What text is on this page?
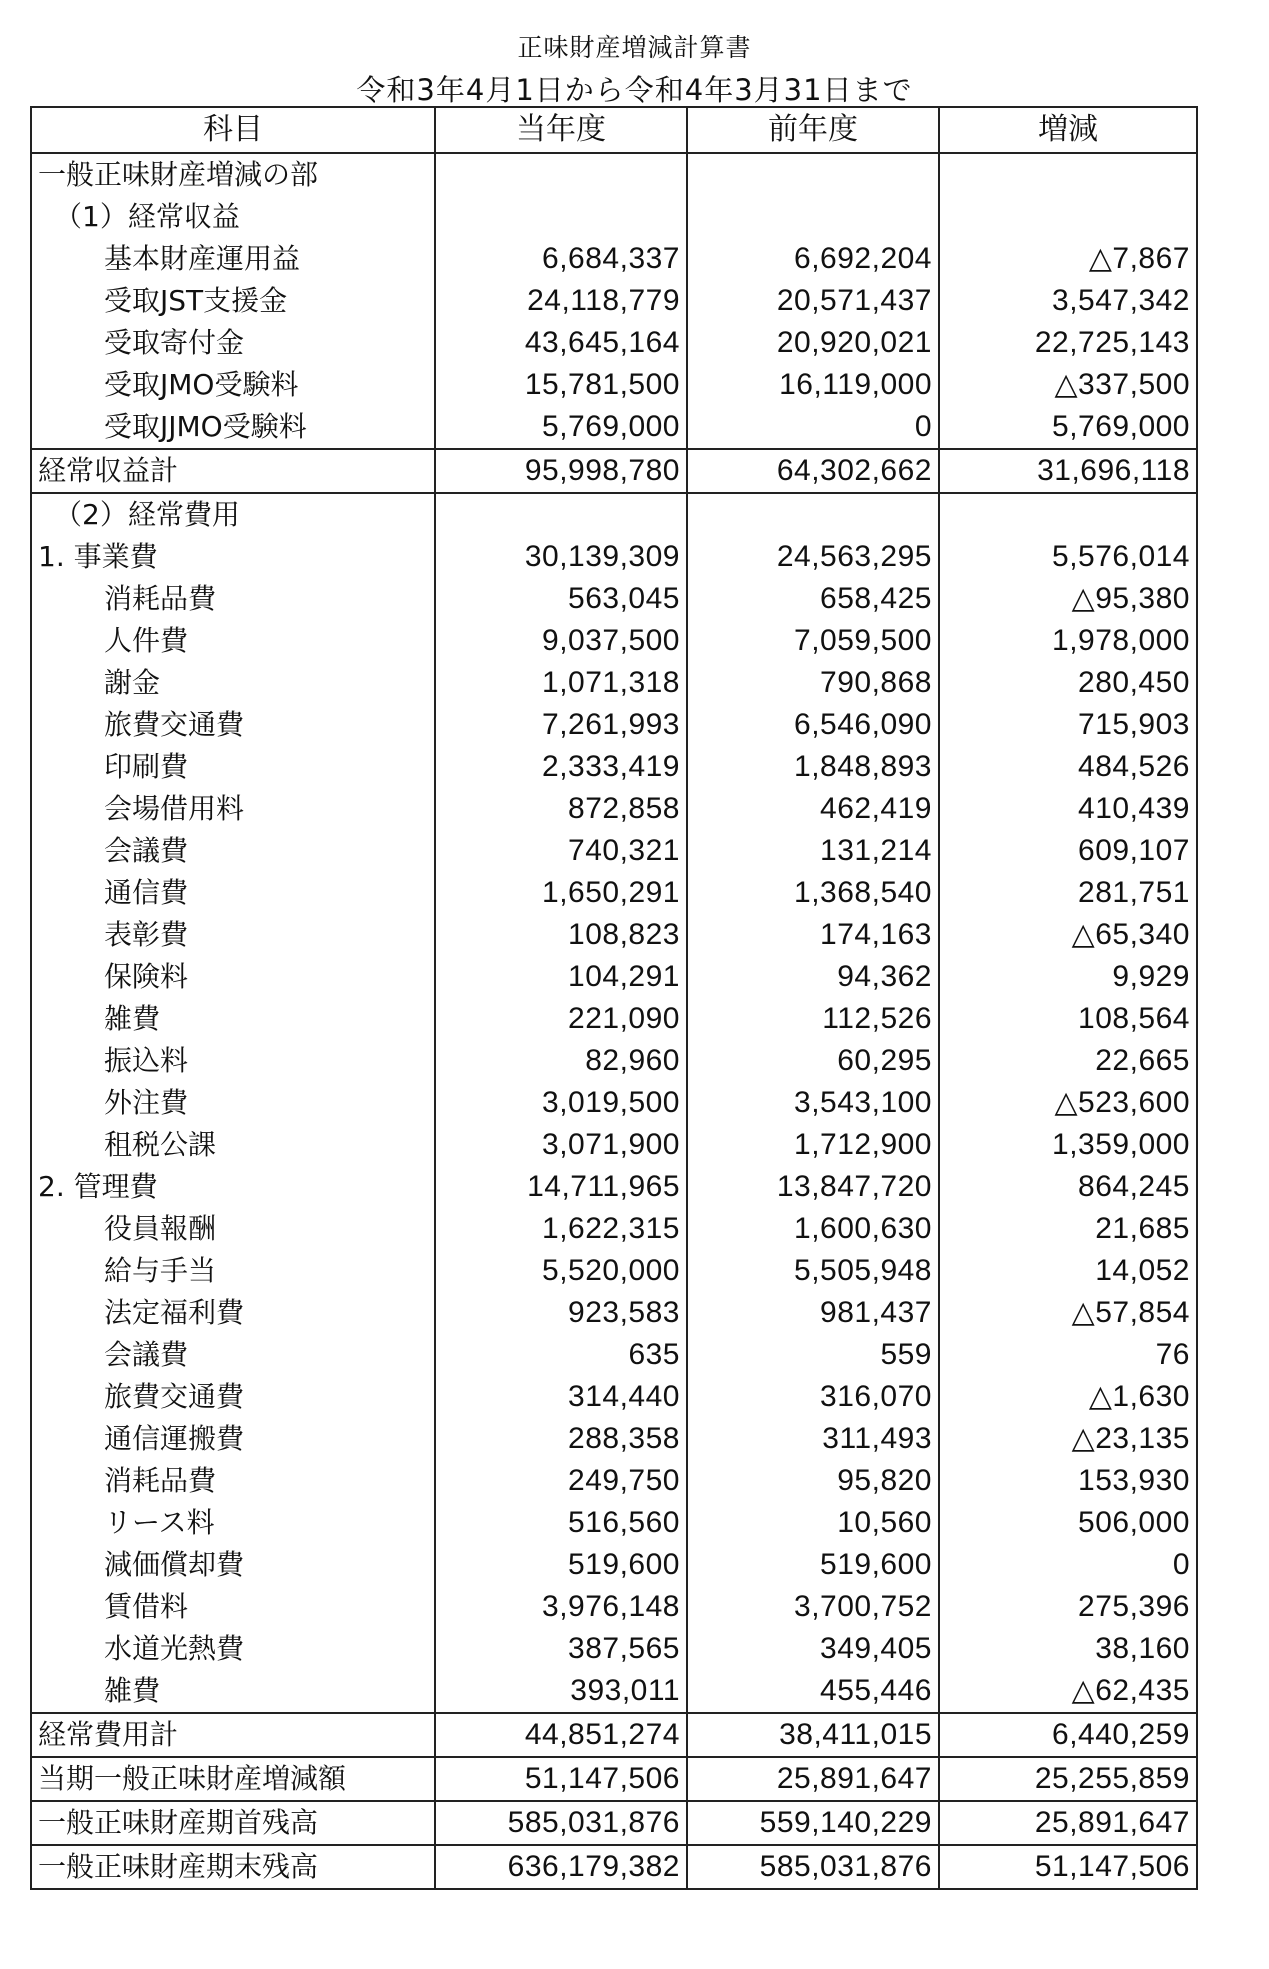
正味財産増減計算書
令和3年4月1日から令和4年3月31日まで
科目	当年度	前年度	増減
一般正味財産増減の部			
（1）経常収益			
基本財産運用益	6,684,337	6,692,204	△7,867
受取JST支援金	24,118,779	20,571,437	3,547,342
受取寄付金	43,645,164	20,920,021	22,725,143
受取JMO受験料	15,781,500	16,119,000	△337,500
受取JJMO受験料	5,769,000	0	5,769,000
経常収益計	95,998,780	64,302,662	31,696,118
（2）経常費用			
1. 事業費	30,139,309	24,563,295	5,576,014
消耗品費	563,045	658,425	△95,380
人件費	9,037,500	7,059,500	1,978,000
謝金	1,071,318	790,868	280,450
旅費交通費	7,261,993	6,546,090	715,903
印刷費	2,333,419	1,848,893	484,526
会場借用料	872,858	462,419	410,439
会議費	740,321	131,214	609,107
通信費	1,650,291	1,368,540	281,751
表彰費	108,823	174,163	△65,340
保険料	104,291	94,362	9,929
雑費	221,090	112,526	108,564
振込料	82,960	60,295	22,665
外注費	3,019,500	3,543,100	△523,600
租税公課	3,071,900	1,712,900	1,359,000
2. 管理費	14,711,965	13,847,720	864,245
役員報酬	1,622,315	1,600,630	21,685
給与手当	5,520,000	5,505,948	14,052
法定福利費	923,583	981,437	△57,854
会議費	635	559	76
旅費交通費	314,440	316,070	△1,630
通信運搬費	288,358	311,493	△23,135
消耗品費	249,750	95,820	153,930
リース料	516,560	10,560	506,000
減価償却費	519,600	519,600	0
賃借料	3,976,148	3,700,752	275,396
水道光熱費	387,565	349,405	38,160
雑費	393,011	455,446	△62,435
経常費用計	44,851,274	38,411,015	6,440,259
当期一般正味財産増減額	51,147,506	25,891,647	25,255,859
一般正味財産期首残高	585,031,876	559,140,229	25,891,647
一般正味財産期末残高	636,179,382	585,031,876	51,147,506
